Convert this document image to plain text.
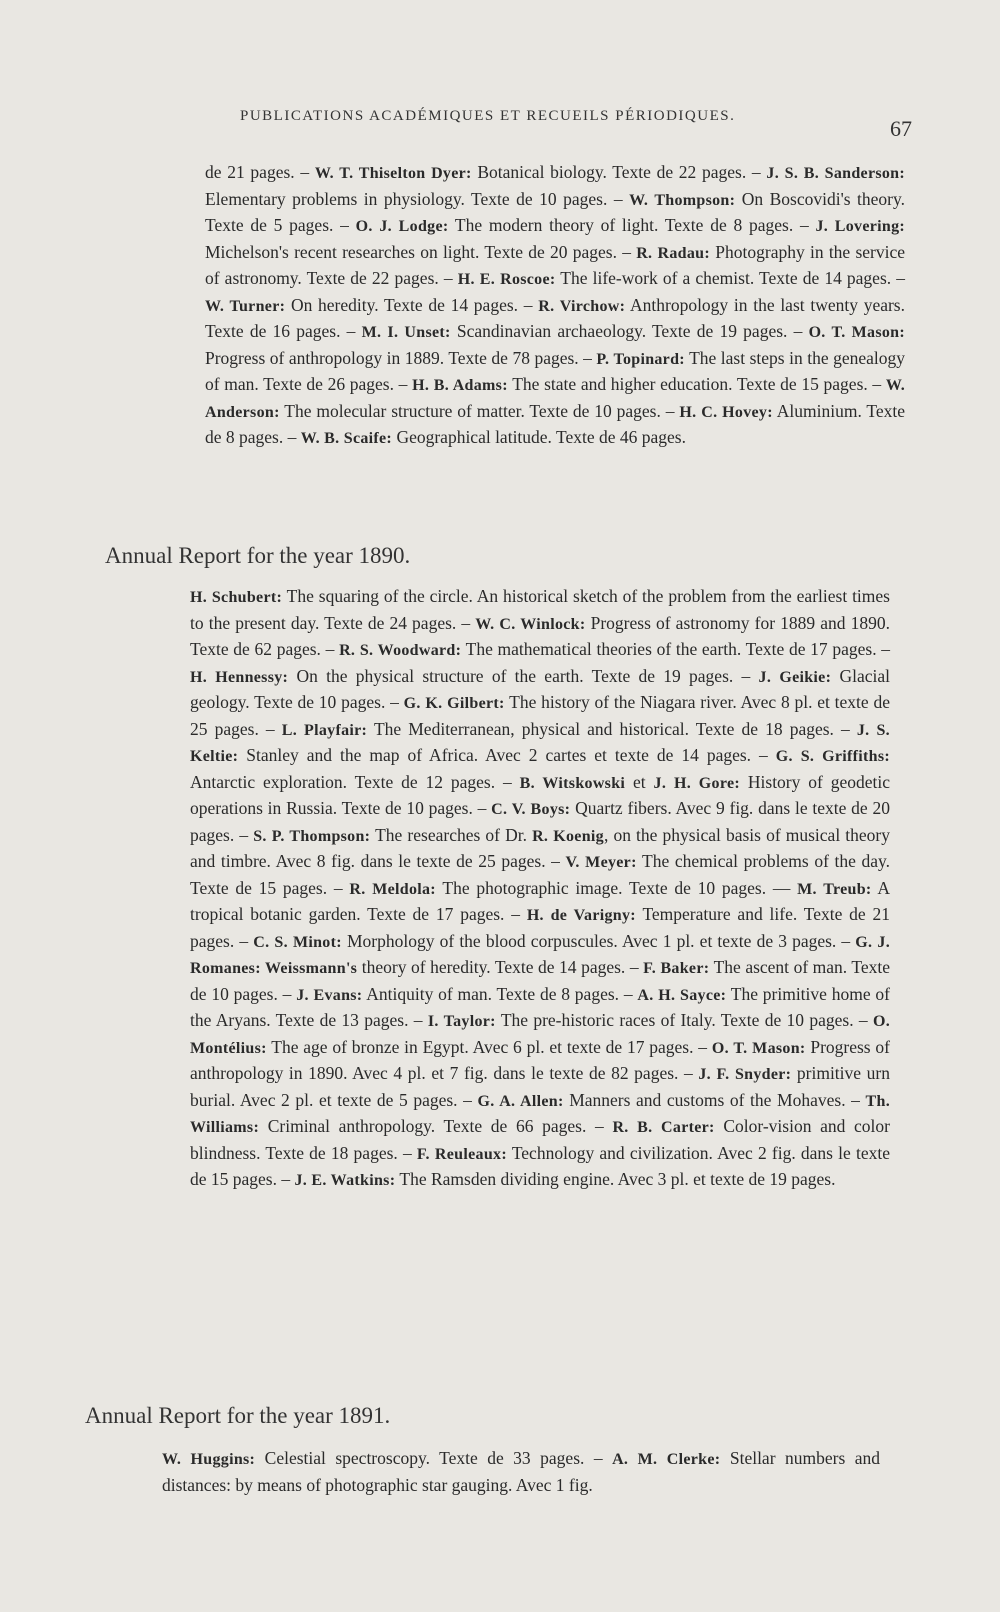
PUBLICATIONS ACADÉMIQUES ET RECUEILS PÉRIODIQUES.	67
de 21 pages. – W. T. Thiselton Dyer: Botanical biology. Texte de 22 pages. – J. S. B. Sanderson: Elementary problems in physiology. Texte de 10 pages. – W. Thompson: On Boscovidi's theory. Texte de 5 pages. – O. J. Lodge: The modern theory of light. Texte de 8 pages. – J. Lovering: Michelson's recent researches on light. Texte de 20 pages. – R. Radau: Photography in the service of astronomy. Texte de 22 pages. – H. E. Roscoe: The life-work of a chemist. Texte de 14 pages. – W. Turner: On heredity. Texte de 14 pages. – R. Virchow: Anthropology in the last twenty years. Texte de 16 pages. – M. I. Unset: Scandinavian archaeology. Texte de 19 pages. – O. T. Mason: Progress of anthropology in 1889. Texte de 78 pages. – P. Topinard: The last steps in the genealogy of man. Texte de 26 pages. – H. B. Adams: The state and higher education. Texte de 15 pages. – W. Anderson: The molecular structure of matter. Texte de 10 pages. – H. C. Hovey: Aluminium. Texte de 8 pages. – W. B. Scaife: Geographical latitude. Texte de 46 pages.
Annual Report for the year 1890.
H. Schubert: The squaring of the circle. An historical sketch of the problem from the earliest times to the present day. Texte de 24 pages. – W. C. Winlock: Progress of astronomy for 1889 and 1890. Texte de 62 pages. – R. S. Woodward: The mathematical theories of the earth. Texte de 17 pages. – H. Hennessy: On the physical structure of the earth. Texte de 19 pages. – J. Geikie: Glacial geology. Texte de 10 pages. – G. K. Gilbert: The history of the Niagara river. Avec 8 pl. et texte de 25 pages. – L. Playfair: The Mediterranean, physical and historical. Texte de 18 pages. – J. S. Keltie: Stanley and the map of Africa. Avec 2 cartes et texte de 14 pages. – G. S. Griffiths: Antarctic exploration. Texte de 12 pages. – B. Witskowski et J. H. Gore: History of geodetic operations in Russia. Texte de 10 pages. – C. V. Boys: Quartz fibers. Avec 9 fig. dans le texte de 20 pages. – S. P. Thompson: The researches of Dr. R. Koenig, on the physical basis of musical theory and timbre. Avec 8 fig. dans le texte de 25 pages. – V. Meyer: The chemical problems of the day. Texte de 15 pages. – R. Meldola: The photographic image. Texte de 10 pages. — M. Treub: A tropical botanic garden. Texte de 17 pages. – H. de Varigny: Temperature and life. Texte de 21 pages. – C. S. Minot: Morphology of the blood corpuscules. Avec 1 pl. et texte de 3 pages. – G. J. Romanes: Weissmann's theory of heredity. Texte de 14 pages. – F. Baker: The ascent of man. Texte de 10 pages. – J. Evans: Antiquity of man. Texte de 8 pages. – A. H. Sayce: The primitive home of the Aryans. Texte de 13 pages. – I. Taylor: The pre-historic races of Italy. Texte de 10 pages. – O. Montélius: The age of bronze in Egypt. Avec 6 pl. et texte de 17 pages. – O. T. Mason: Progress of anthropology in 1890. Avec 4 pl. et 7 fig. dans le texte de 82 pages. – J. F. Snyder: primitive urn burial. Avec 2 pl. et texte de 5 pages. – G. A. Allen: Manners and customs of the Mohaves. – Th. Williams: Criminal anthropology. Texte de 66 pages. – R. B. Carter: Color-vision and color blindness. Texte de 18 pages. – F. Reuleaux: Technology and civilization. Avec 2 fig. dans le texte de 15 pages. – J. E. Watkins: The Ramsden dividing engine. Avec 3 pl. et texte de 19 pages.
Annual Report for the year 1891.
W. Huggins: Celestial spectroscopy. Texte de 33 pages. – A. M. Clerke: Stellar numbers and distances: by means of photographic star gauging. Avec 1 fig.
